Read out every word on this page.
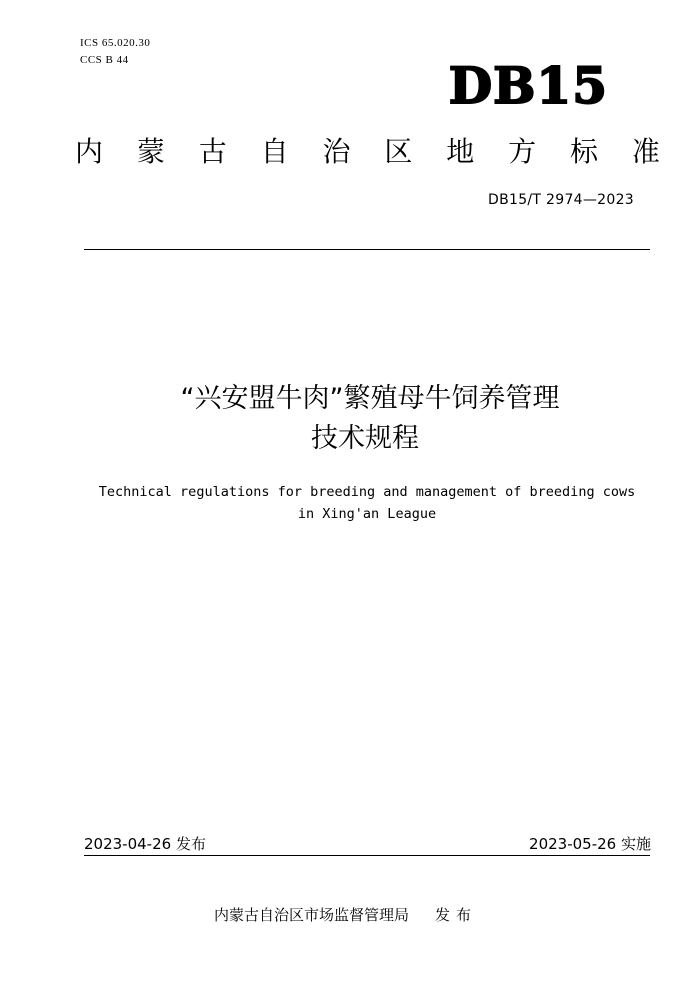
ICS 65.020.30
CCS B 44	DB15
内 蒙 古 自 治 区 地 方 标 准
DB15/T 2974—2023
“兴安盟牛肉”繁殖母牛饲养管理
技术规程
Technical regulations for breeding and management of breeding cows
in Xing'an League
2023-04-26 发布	2023-05-26 实施
内蒙古自治区市场监督管理局 发布
